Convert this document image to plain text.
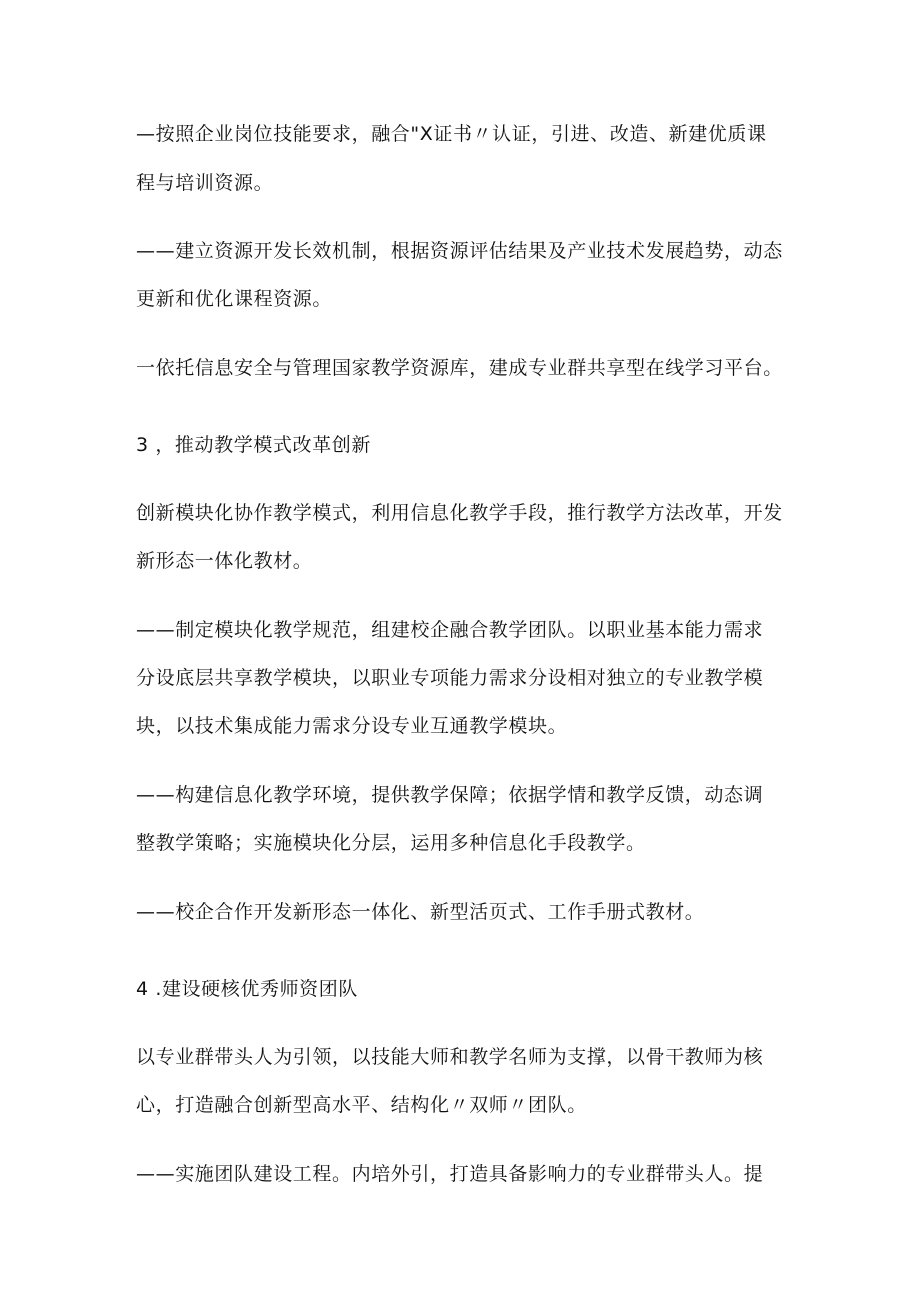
—按照企业岗位技能要求，融合"X证书〃认证，引进、改造、新建优质课
程与培训资源。
——建立资源开发长效机制，根据资源评估结果及产业技术发展趋势，动态
更新和优化课程资源。
一依托信息安全与管理国家教学资源库，建成专业群共享型在线学习平台。
3 ，推动教学模式改革创新
创新模块化协作教学模式，利用信息化教学手段，推行教学方法改革，开发
新形态一体化教材。
——制定模块化教学规范，组建校企融合教学团队。以职业基本能力需求
分设底层共享教学模块，以职业专项能力需求分设相对独立的专业教学模
块，以技术集成能力需求分设专业互通教学模块。
——构建信息化教学环境，提供教学保障；依据学情和教学反馈，动态调
整教学策略；实施模块化分层，运用多种信息化手段教学。
——校企合作开发新形态一体化、新型活页式、工作手册式教材。
4 .建设硬核优秀师资团队
以专业群带头人为引领，以技能大师和教学名师为支撑，以骨干教师为核
心，打造融合创新型高水平、结构化〃双师〃团队。
——实施团队建设工程。内培外引，打造具备影响力的专业群带头人。提
